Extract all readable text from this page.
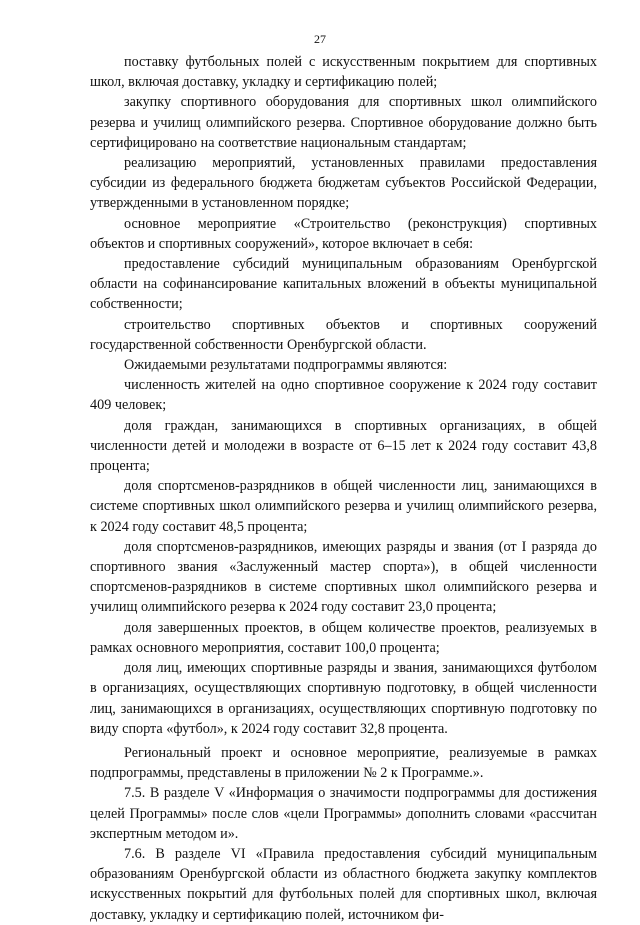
27

поставку футбольных полей с искусственным покрытием для спортивных школ, включая доставку, укладку и сертификацию полей;

закупку спортивного оборудования для спортивных школ олимпийского резерва и училищ олимпийского резерва. Спортивное оборудование должно быть сертифицировано на соответствие национальным стандартам;

реализацию мероприятий, установленных правилами предоставления субсидии из федерального бюджета бюджетам субъектов Российской Федерации, утвержденными в установленном порядке;

основное мероприятие «Строительство (реконструкция) спортивных объектов и спортивных сооружений», которое включает в себя:

предоставление субсидий муниципальным образованиям Оренбургской области на софинансирование капитальных вложений в объекты муниципальной собственности;

строительство спортивных объектов и спортивных сооружений государственной собственности Оренбургской области.

Ожидаемыми результатами подпрограммы являются:

численность жителей на одно спортивное сооружение к 2024 году составит 409 человек;

доля граждан, занимающихся в спортивных организациях, в общей численности детей и молодежи в возрасте от 6–15 лет к 2024 году составит 43,8 процента;

доля спортсменов-разрядников в общей численности лиц, занимающихся в системе спортивных школ олимпийского резерва и училищ олимпийского резерва, к 2024 году составит 48,5 процента;

доля спортсменов-разрядников, имеющих разряды и звания (от I разряда до спортивного звания «Заслуженный мастер спорта»), в общей численности спортсменов-разрядников в системе спортивных школ олимпийского резерва и училищ олимпийского резерва к 2024 году составит 23,0 процента;

доля завершенных проектов, в общем количестве проектов, реализуемых в рамках основного мероприятия, составит 100,0 процента;

доля лиц, имеющих спортивные разряды и звания, занимающихся футболом в организациях, осуществляющих спортивную подготовку, в общей численности лиц, занимающихся в организациях, осуществляющих спортивную подготовку по виду спорта «футбол», к 2024 году составит 32,8 процента.

Региональный проект и основное мероприятие, реализуемые в рамках подпрограммы, представлены в приложении № 2 к Программе.».

7.5. В разделе V «Информация о значимости подпрограммы для достижения целей Программы» после слов «цели Программы» дополнить словами «рассчитан экспертным методом и».

7.6. В разделе VI «Правила предоставления субсидий муниципальным образованиям Оренбургской области из областного бюджета закупку комплектов искусственных покрытий для футбольных полей для спортивных школ, включая доставку, укладку и сертификацию полей, источником фи-
